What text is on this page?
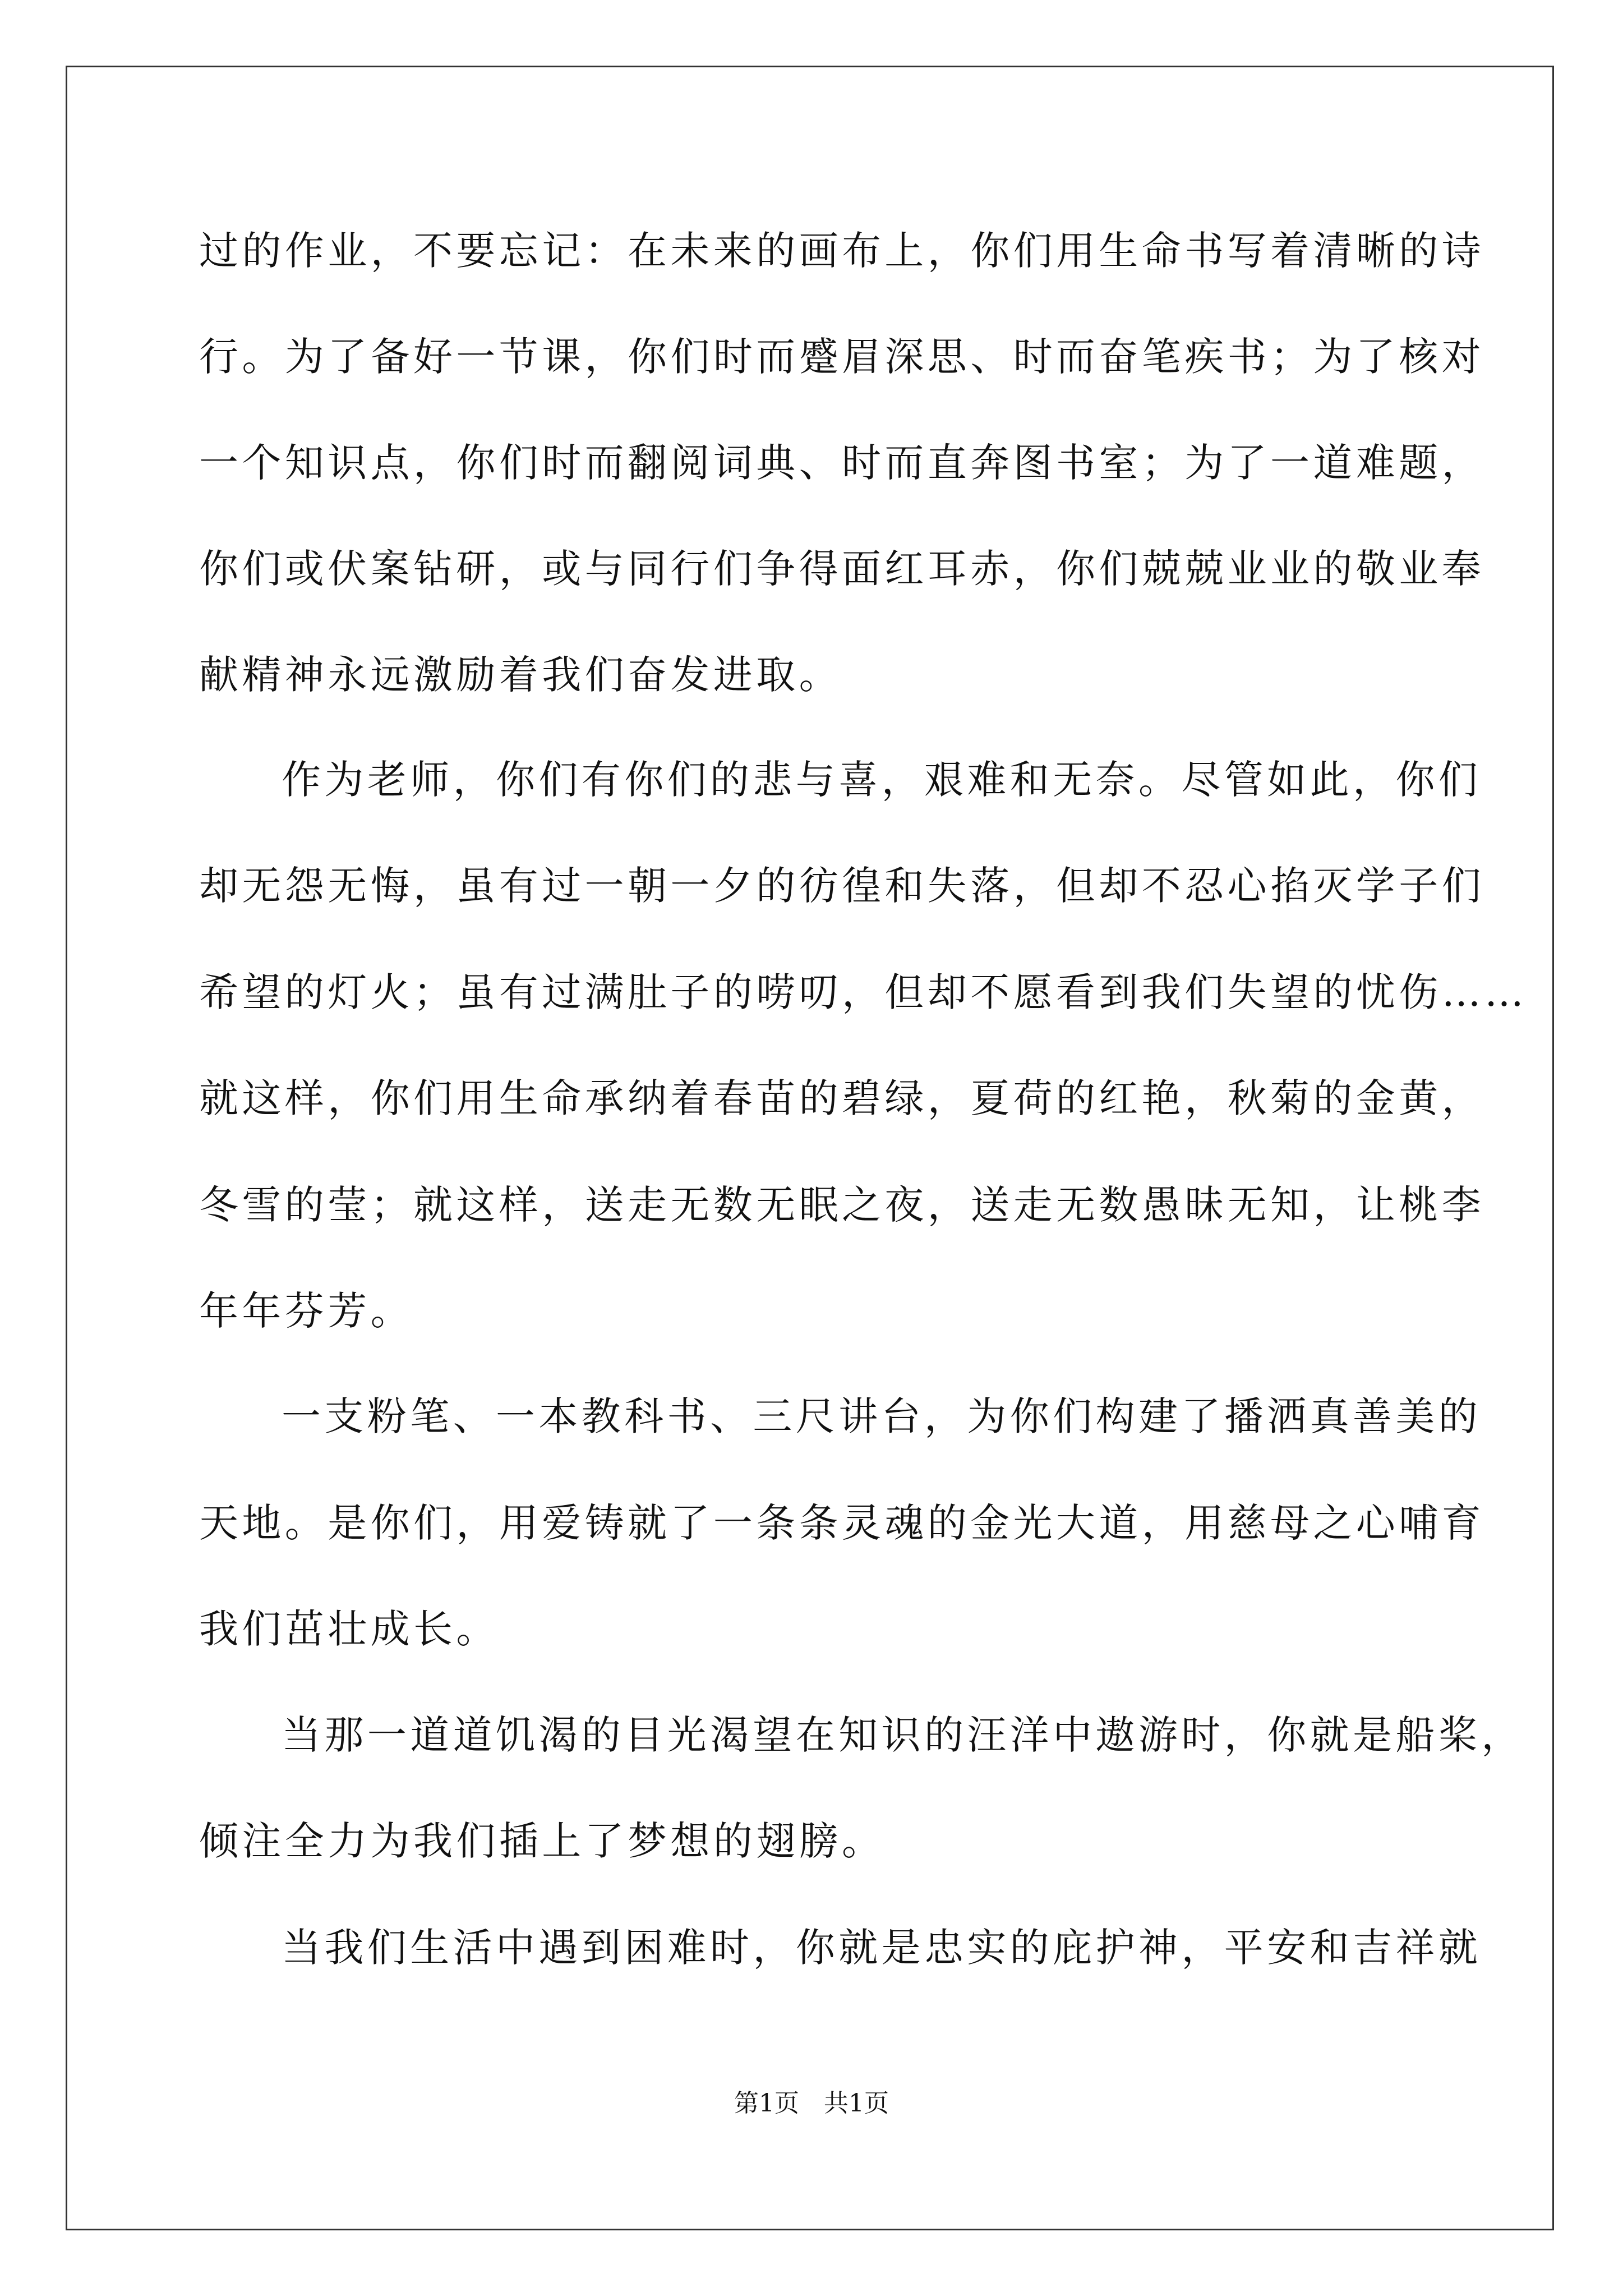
过的作业，不要忘记：在未来的画布上，你们用生命书写着清晰的诗
行。为了备好一节课，你们时而蹙眉深思、时而奋笔疾书；为了核对
一个知识点，你们时而翻阅词典、时而直奔图书室；为了一道难题，
你们或伏案钻研，或与同行们争得面红耳赤，你们兢兢业业的敬业奉
献精神永远激励着我们奋发进取。
作为老师，你们有你们的悲与喜，艰难和无奈。尽管如此，你们
却无怨无悔，虽有过一朝一夕的彷徨和失落，但却不忍心掐灭学子们
希望的灯火；虽有过满肚子的唠叨，但却不愿看到我们失望的忧伤……
就这样，你们用生命承纳着春苗的碧绿，夏荷的红艳，秋菊的金黄，
冬雪的莹；就这样，送走无数无眠之夜，送走无数愚昧无知，让桃李
年年芬芳。
一支粉笔、一本教科书、三尺讲台，为你们构建了播洒真善美的
天地。是你们，用爱铸就了一条条灵魂的金光大道，用慈母之心哺育
我们茁壮成长。
当那一道道饥渴的目光渴望在知识的汪洋中遨游时，你就是船桨，
倾注全力为我们插上了梦想的翅膀。
当我们生活中遇到困难时，你就是忠实的庇护神，平安和吉祥就
第1页　共1页
